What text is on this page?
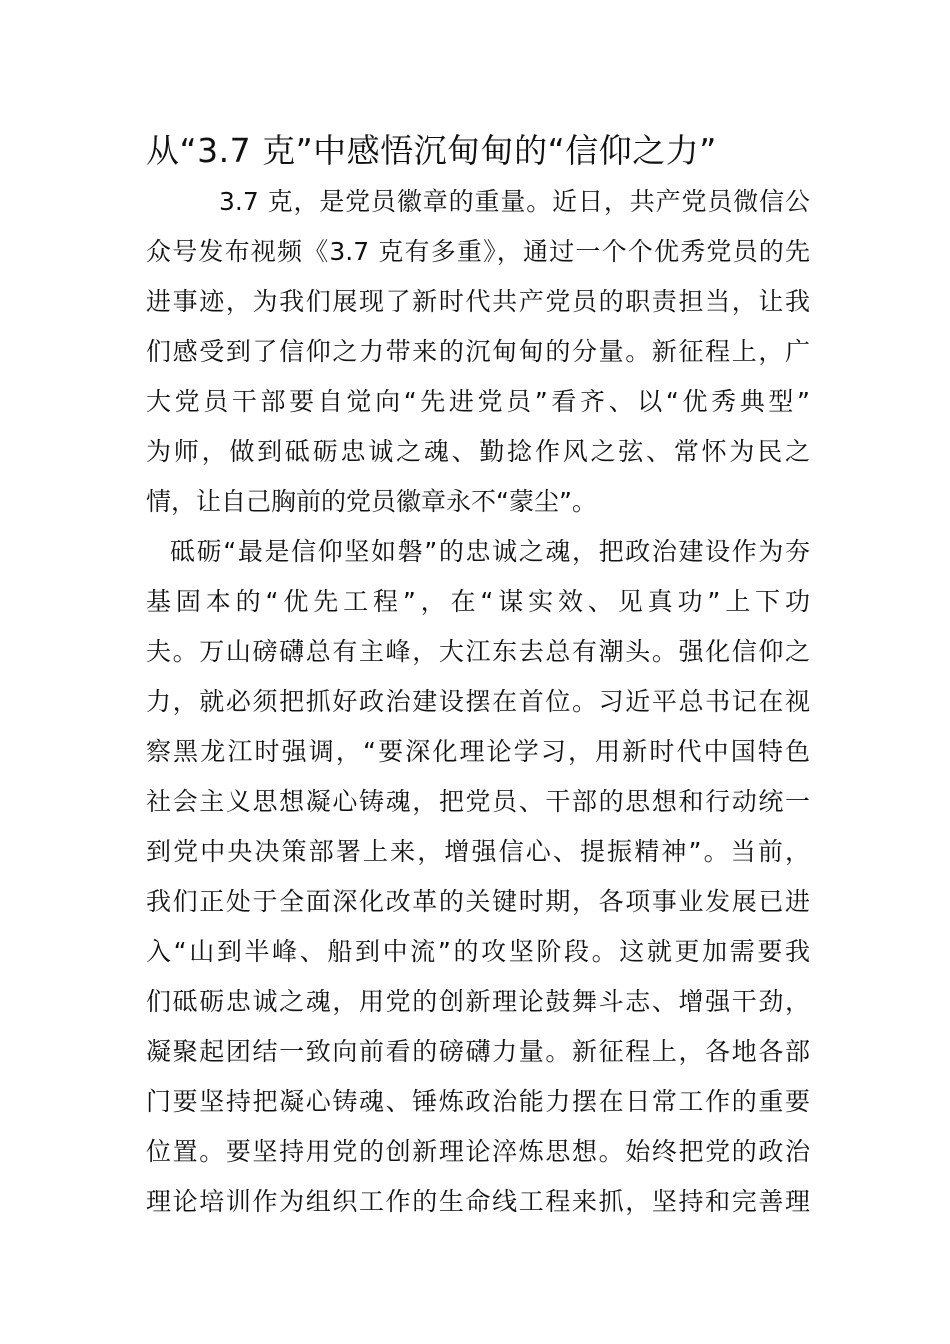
从“3.7 克”中感悟沉甸甸的“信仰之力”
3.7 克，是党员徽章的重量。近日，共产党员微信公
众号发布视频《3.7 克有多重》，通过一个个优秀党员的先
进事迹，为我们展现了新时代共产党员的职责担当，让我
们感受到了信仰之力带来的沉甸甸的分量。新征程上，广
大党员干部要自觉向“先进党员”看齐、以“优秀典型”
为师，做到砥砺忠诚之魂、勤捻作风之弦、常怀为民之
情，让自己胸前的党员徽章永不“蒙尘”。
砥砺“最是信仰坚如磐”的忠诚之魂，把政治建设作为夯
基固本的“优先工程”，在“谋实效、见真功”上下功
夫。万山磅礴总有主峰，大江东去总有潮头。强化信仰之
力，就必须把抓好政治建设摆在首位。习近平总书记在视
察黑龙江时强调，“要深化理论学习，用新时代中国特色
社会主义思想凝心铸魂，把党员、干部的思想和行动统一
到党中央决策部署上来，增强信心、提振精神”。当前，
我们正处于全面深化改革的关键时期，各项事业发展已进
入“山到半峰、船到中流”的攻坚阶段。这就更加需要我
们砥砺忠诚之魂，用党的创新理论鼓舞斗志、增强干劲，
凝聚起团结一致向前看的磅礴力量。新征程上，各地各部
门要坚持把凝心铸魂、锤炼政治能力摆在日常工作的重要
位置。要坚持用党的创新理论淬炼思想。始终把党的政治
理论培训作为组织工作的生命线工程来抓，坚持和完善理
